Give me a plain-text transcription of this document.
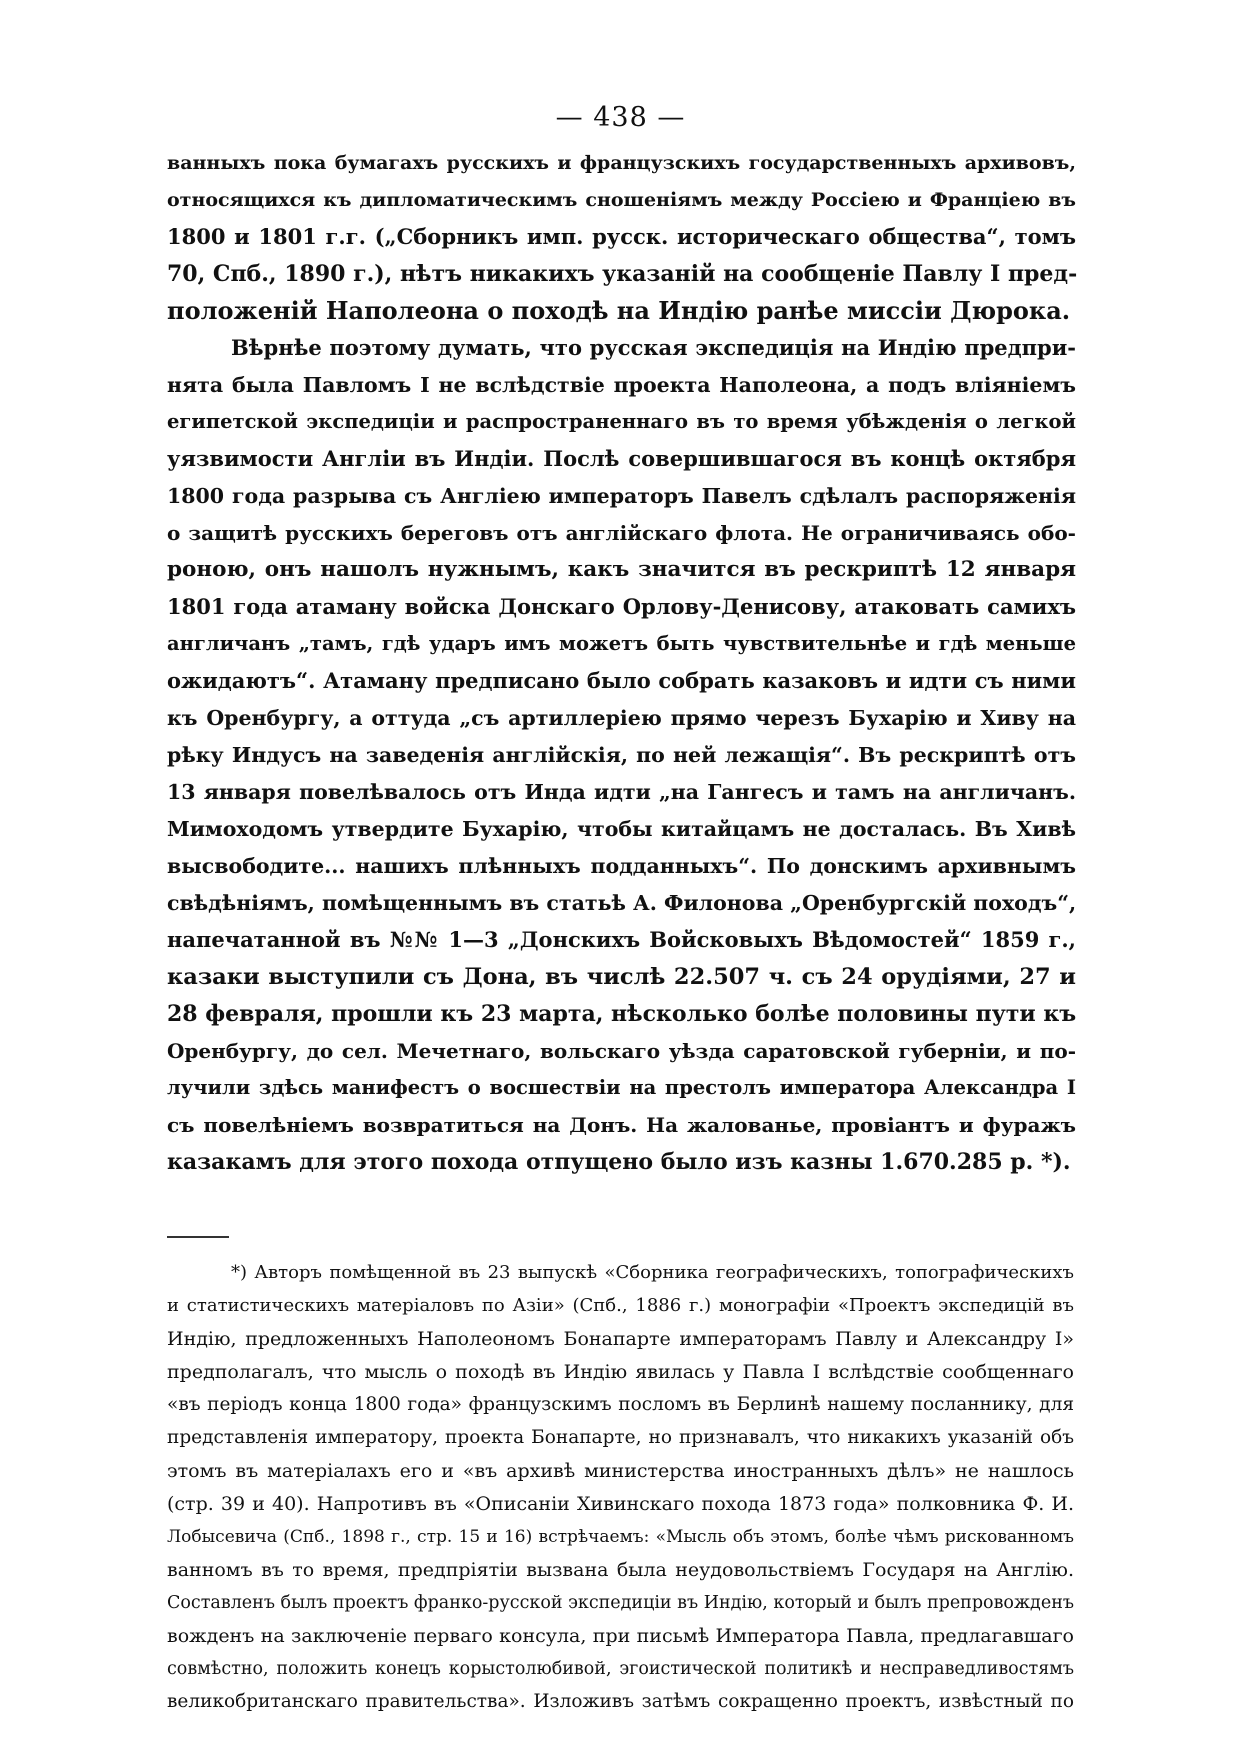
— 438 —
ванныхъ пока бумагахъ русскихъ и французскихъ государственныхъ архивовъ,
относящихся къ дипломатическимъ сношеніямъ между Россіею и Франціею въ
1800 и 1801 г.г. („Сборникъ имп. русск. историческаго общества“, томъ
70, Спб., 1890 г.), нѣтъ никакихъ указаній на сообщеніе Павлу I пред-
положеній Наполеона о походѣ на Индію ранѣе миссіи Дюрока.
Вѣрнѣе поэтому думать, что русская экспедиція на Индію предпри-
нята была Павломъ I не вслѣдствіе проекта Наполеона, а подъ вліяніемъ
египетской экспедиціи и распространеннаго въ то время убѣжденія о легкой
уязвимости Англіи въ Индіи. Послѣ совершившагося въ концѣ октября
1800 года разрыва съ Англіею императоръ Павелъ сдѣлалъ распоряженія
о защитѣ русскихъ береговъ отъ англійскаго флота. Не ограничиваясь обо-
роною, онъ нашолъ нужнымъ, какъ значится въ рескриптѣ 12 января
1801 года атаману войска Донскаго Орлову-Денисову, атаковать самихъ
англичанъ „тамъ, гдѣ ударъ имъ можетъ быть чувствительнѣе и гдѣ меньше
ожидаютъ“. Атаману предписано было собрать казаковъ и идти съ ними
къ Оренбургу, а оттуда „съ артиллеріею прямо черезъ Бухарію и Хиву на
рѣку Индусъ на заведенія англійскія, по ней лежащія“. Въ рескриптѣ отъ
13 января повелѣвалось отъ Инда идти „на Гангесъ и тамъ на англичанъ.
Мимоходомъ утвердите Бухарію, чтобы китайцамъ не досталась. Въ Хивѣ
высвободите... нашихъ плѣнныхъ подданныхъ“. По донскимъ архивнымъ
свѣдѣніямъ, помѣщеннымъ въ статьѣ А. Филонова „Оренбургскій походъ“,
напечатанной въ №№ 1—3 „Донскихъ Войсковыхъ Вѣдомостей“ 1859 г.,
казаки выступили съ Дона, въ числѣ 22.507 ч. съ 24 орудіями, 27 и
28 февраля, прошли къ 23 марта, нѣсколько болѣе половины пути къ
Оренбургу, до сел. Мечетнаго, вольскаго уѣзда саратовской губерніи, и по-
лучили здѣсь манифестъ о восшествіи на престолъ императора Александра I
съ повелѣніемъ возвратиться на Донъ. На жалованье, провіантъ и фуражъ
казакамъ для этого похода отпущено было изъ казны 1.670.285 р. *).
*) Авторъ помѣщенной въ 23 выпускѣ «Сборника географическихъ, топографическихъ
и статистическихъ матеріаловъ по Азіи» (Спб., 1886 г.) монографіи «Проектъ экспедицій въ
Индію, предложенныхъ Наполеономъ Бонапарте императорамъ Павлу и Александру I»
предполагалъ, что мысль о походѣ въ Индію явилась у Павла I вслѣдствіе сообщеннаго
«въ періодъ конца 1800 года» французскимъ посломъ въ Берлинѣ нашему посланнику, для
представленія императору, проекта Бонапарте, но признавалъ, что никакихъ указаній объ
этомъ въ матеріалахъ его и «въ архивѣ министерства иностранныхъ дѣлъ» не нашлось
(стр. 39 и 40). Напротивъ въ «Описаніи Хивинскаго похода 1873 года» полковника Ф. И.
Лобысевича (Спб., 1898 г., стр. 15 и 16) встрѣчаемъ: «Мысль объ этомъ, болѣе чѣмъ рискованномъ
ванномъ въ то время, предпріятіи вызвана была неудовольствіемъ Государя на Англію.
Составленъ былъ проектъ франко-русской экспедиціи въ Индію, который и былъ препровожденъ
вожденъ на заключеніе перваго консула, при письмѣ Императора Павла, предлагавшаго
совмѣстно, положить конецъ корыстолюбивой, эгоистической политикѣ и несправедливостямъ
великобританскаго правительства». Изложивъ затѣмъ сокращенно проектъ, извѣстный по
